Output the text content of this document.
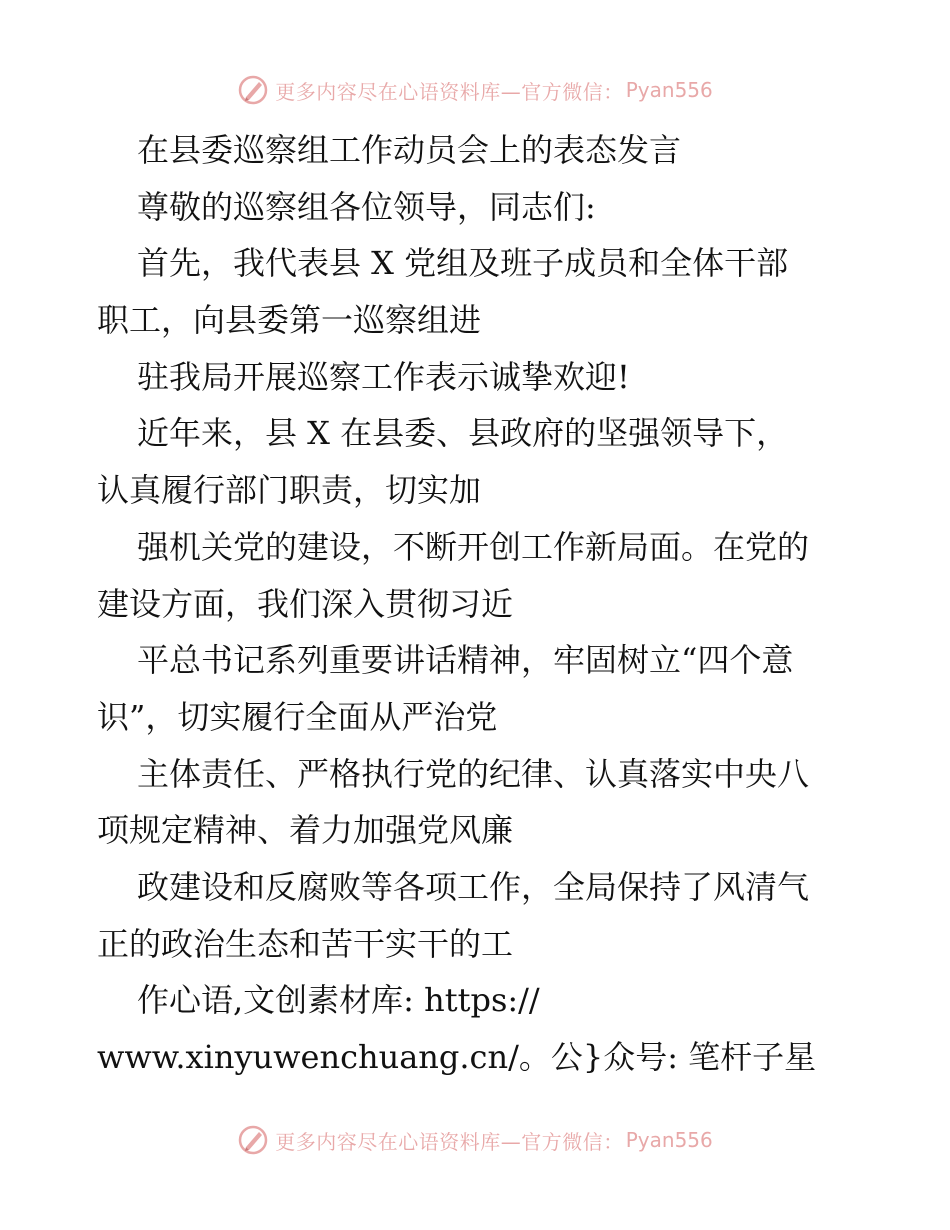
更多内容尽在心语资料库—官方微信： Pyan556
在县委巡察组工作动员会上的表态发言
尊敬的巡察组各位领导，同志们:
首先，我代表县 X 党组及班子成员和全体干部
职工，向县委第一巡察组进
驻我局开展巡察工作表示诚挚欢迎!
近年来，县 X 在县委、县政府的坚强领导下，
认真履行部门职责，切实加
强机关党的建设，不断开创工作新局面。在党的
建设方面，我们深入贯彻习近
平总书记系列重要讲话精神，牢固树立“四个意
识”，切实履行全面从严治党
主体责任、严格执行党的纪律、认真落实中央八
项规定精神、着力加强党风廉
政建设和反腐败等各项工作，全局保持了风清气
正的政治生态和苦干实干的工
作心语,文创素材库: https://
www.xinyuwenchuang.cn/。公}众号: 笔杆子星
更多内容尽在心语资料库—官方微信： Pyan556
